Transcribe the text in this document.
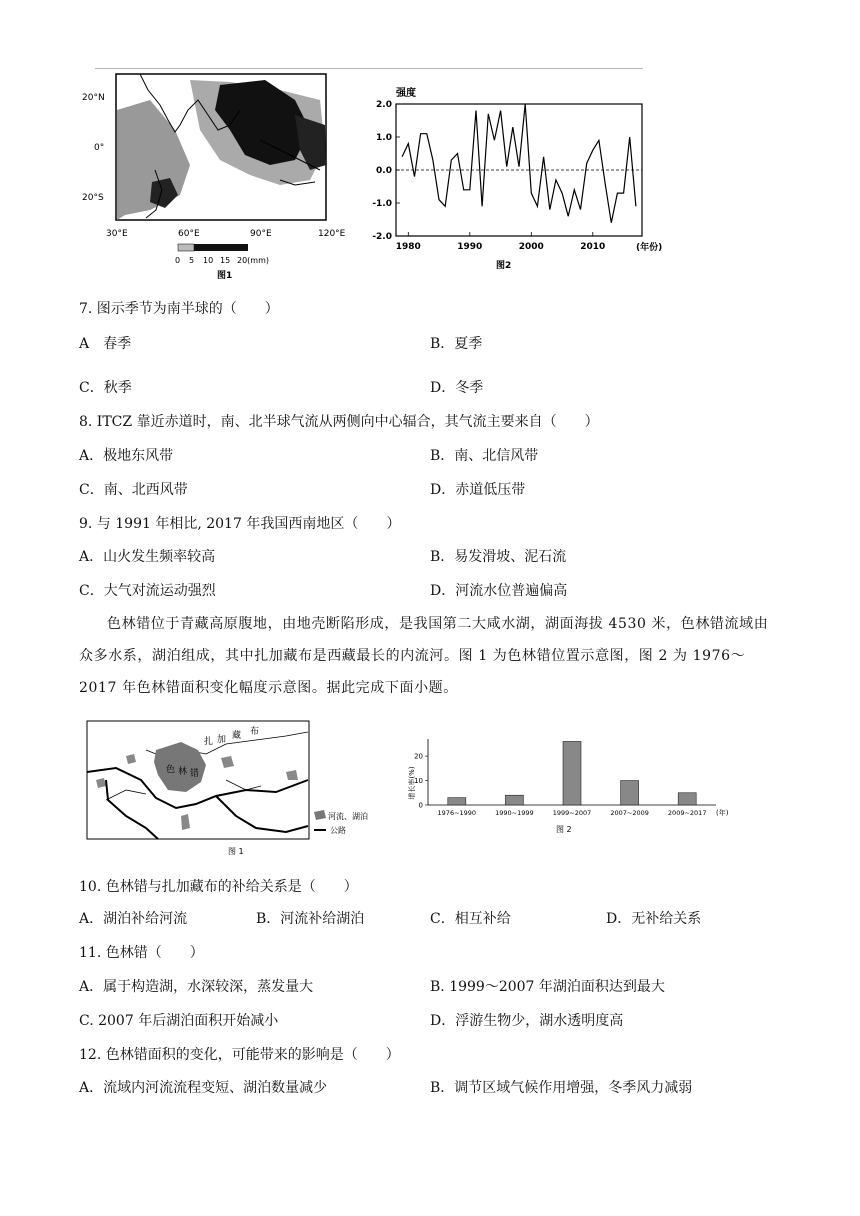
20°N
0°
20°S
30°E	60°E	90°E	120°E
0 5 10 15 20(mm)
图1
强度
2.0
1.0
0.0
-1.0
-2.0
1980	1990	2000	2010	(年份)
图2
7. 图示季节为南半球的（　　）
A　春季	B．夏季
C．秋季	D．冬季
8. ITCZ 靠近赤道时，南、北半球气流从两侧向中心辐合，其气流主要来自（　　）
A．极地东风带	B．南、北信风带
C．南、北西风带	D．赤道低压带
9. 与 1991 年相比, 2017 年我国西南地区（　　）
A．山火发生频率较高	B．易发滑坡、泥石流
C．大气对流运动强烈	D．河流水位普遍偏高
色林错位于青藏高原腹地，由地壳断陷形成，是我国第二大咸水湖，湖面海拔 4530 米，色林错流域由众多水系，湖泊组成，其中扎加藏布是西藏最长的内流河。图 1 为色林错位置示意图，图 2 为 1976～2017 年色林错面积变化幅度示意图。据此完成下面小题。
扎 加 藏 布
色 林 错
河流、湖泊
公路
图 1
增长率(%)
20
10
0
1976~1990	1990~1999	1999~2007	2007~2009	2009~2017 (年)
图 2
10. 色林错与扎加藏布的补给关系是（　　）
A．湖泊补给河流	B．河流补给湖泊	C．相互补给	D．无补给关系
11. 色林错（　　）
A．属于构造湖，水深较深，蒸发量大	B. 1999～2007 年湖泊面积达到最大
C. 2007 年后湖泊面积开始减小	D．浮游生物少，湖水透明度高
12. 色林错面积的变化，可能带来的影响是（　　）
A．流域内河流流程变短、湖泊数量减少	B．调节区域气候作用增强，冬季风力减弱
